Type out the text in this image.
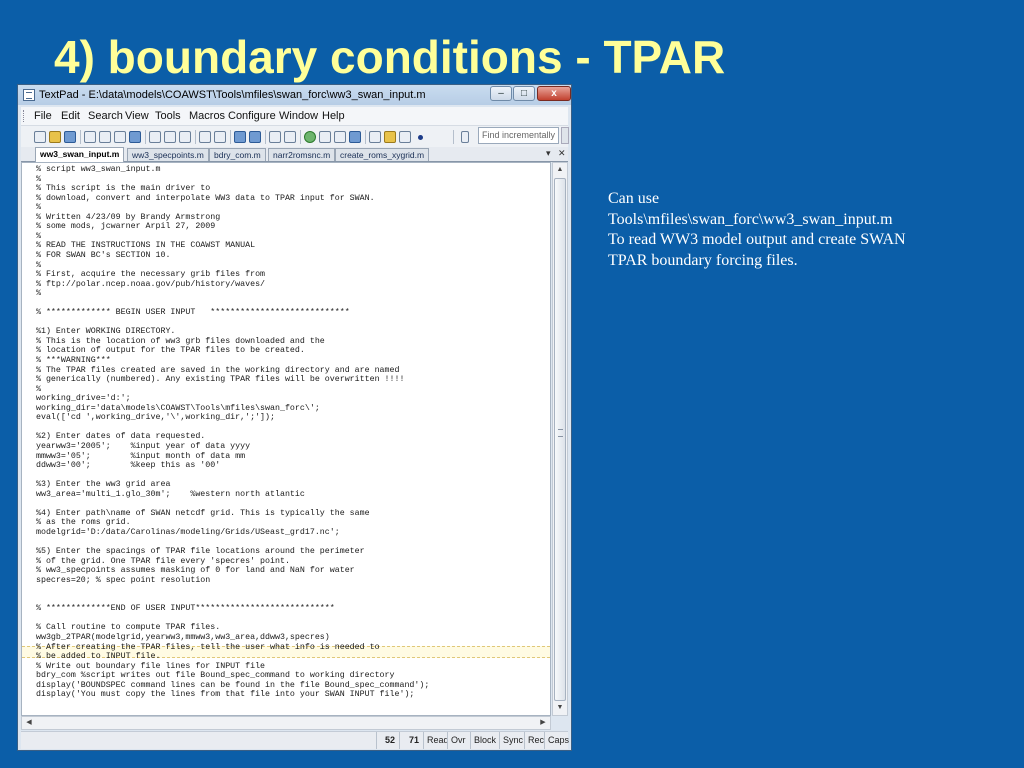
4) boundary conditions - TPAR
Can use
Tools\mfiles\swan_forc\ww3_swan_input.m
To read WW3 model output and create SWAN
TPAR boundary forcing files.
TextPad - E:\data\models\COAWST\Tools\mfiles\swan_forc\ww3_swan_input.m	–	□	x
File Edit Search View Tools Macros Configure Window Help
Find incrementally
ww3_swan_input.m	ww3_specpoints.m	bdry_com.m	narr2romsnc.m	create_roms_xygrid.m	▾ ✕
% script ww3_swan_input.m
%
% This script is the main driver to
% download, convert and interpolate WW3 data to TPAR input for SWAN.
%
% Written 4/23/09 by Brandy Armstrong
% some mods, jcwarner Arpil 27, 2009
%
% READ THE INSTRUCTIONS IN THE COAWST MANUAL
% FOR SWAN BC's SECTION 10.
%
% First, acquire the necessary grib files from
% ftp://polar.ncep.noaa.gov/pub/history/waves/
%
% ************* BEGIN USER INPUT   ****************************
%1) Enter WORKING DIRECTORY.
% This is the location of ww3 grb files downloaded and the
% location of output for the TPAR files to be created.
% ***WARNING***
% The TPAR files created are saved in the working directory and are named
% generically (numbered). Any existing TPAR files will be overwritten !!!!
%
working_drive='d:';
working_dir='data\models\COAWST\Tools\mfiles\swan_forc\';
eval(['cd ',working_drive,'\',working_dir,';']);
%2) Enter dates of data requested.
yearww3='2005';    %input year of data yyyy
mmww3='05';        %input month of data mm
ddww3='00';        %keep this as '00'
%3) Enter the ww3 grid area
ww3_area='multi_1.glo_30m';    %western north atlantic
%4) Enter path\name of SWAN netcdf grid. This is typically the same
% as the roms grid.
modelgrid='D:/data/Carolinas/modeling/Grids/USeast_grd17.nc';
%5) Enter the spacings of TPAR file locations around the perimeter
% of the grid. One TPAR file every 'specres' point.
% ww3_specpoints assumes masking of 0 for land and NaN for water
specres=20; % spec point resolution
% *************END OF USER INPUT****************************
% Call routine to compute TPAR files.
ww3gb_2TPAR(modelgrid,yearww3,mmww3,ww3_area,ddww3,specres)
% After creating the TPAR files, tell the user what info is needed to
% be added to INPUT file.
% Write out boundary file lines for INPUT file
bdry_com %script writes out file Bound_spec_command to working directory
display('BOUNDSPEC command lines can be found in the file Bound_spec_command');
display('You must copy the lines from that file into your SWAN INPUT file');
▲
▼
◀	▶
52	71 Read Ovr Block Sync Rec Caps
